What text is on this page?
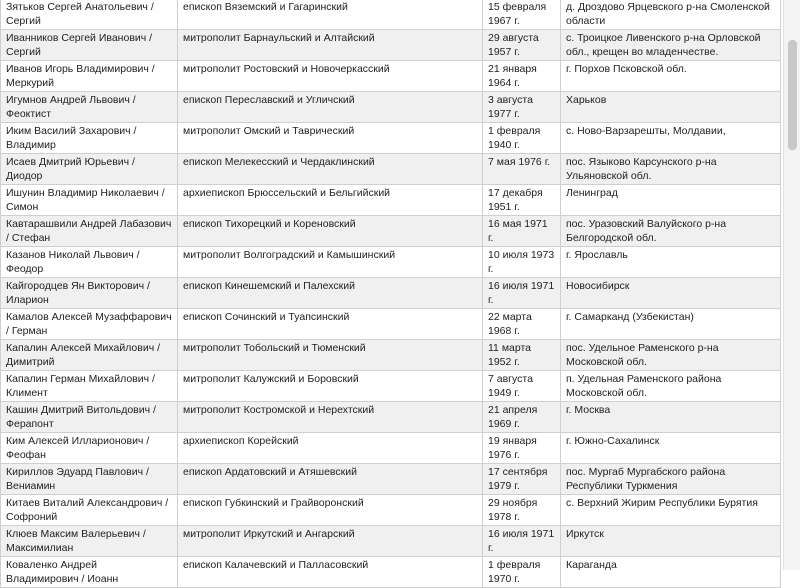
Зятьков Сергей Анатольевич / Сергий	епископ Вяземский и Гагаринский	15 февраля 1967 г.	д. Дроздово Ярцевского р-на Смоленской области
Иванников Сергей Иванович / Сергий	митрополит Барнаульский и Алтайский	29 августа 1957 г.	с. Троицкое Ливенского р-на Орловской обл., крещен во младенчестве.
Иванов Игорь Владимирович / Меркурий	митрополит Ростовский и Новочеркасский	21 января 1964 г.	г. Порхов Псковской обл.
Игумнов Андрей Львович / Феоктист	епископ Переславский и Угличский	3 августа 1977 г.	Харьков
Иким Василий Захарович / Владимир	митрополит Омский и Таврический	1 февраля 1940 г.	с. Ново-Варзарешты, Молдавии,
Исаев Дмитрий Юрьевич / Диодор	епископ Мелекесский и Чердаклинский	7 мая 1976 г.	пос. Языково Карсунского р-на Ульяновской обл.
Ишунин Владимир Николаевич / Симон	архиепископ Брюссельский и Бельгийский	17 декабря 1951 г.	Ленинград
Кавтарашвили Андрей Лабазович / Стефан	епископ Тихорецкий и Кореновский	16 мая 1971 г.	пос. Уразовский Валуйского р-на Белгородской обл.
Казанов Николай Львович / Феодор	митрополит Волгоградский и Камышинский	10 июля 1973 г.	г. Ярославль
Кайгородцев Ян Викторович / Иларион	епископ Кинешемский и Палехский	16 июля 1971 г.	Новосибирск
Камалов Алексей Музаффарович / Герман	епископ Сочинский и Туапсинский	22 марта 1968 г.	г. Самарканд (Узбекистан)
Капалин Алексей Михайлович / Димитрий	митрополит Тобольский и Тюменский	11 марта 1952 г.	пос. Удельное Раменского р-на Московской обл.
Капалин Герман Михайлович / Климент	митрополит Калужский и Боровский	7 августа 1949 г.	п. Удельная Раменского района Московской обл.
Кашин Дмитрий Витольдович / Ферапонт	митрополит Костромской и Нерехтский	21 апреля 1969 г.	г. Москва
Ким Алексей Илларионович / Феофан	архиепископ Корейский	19 января 1976 г.	г. Южно-Сахалинск
Кириллов Эдуард Павлович / Вениамин	епископ Ардатовский и Атяшевский	17 сентября 1979 г.	пос. Мургаб Мургабского района Республики Туркмения
Китаев Виталий Александрович / Софроний	епископ Губкинский и Грайворонский	29 ноября 1978 г.	с. Верхний Жирим Республики Бурятия
Клюев Максим Валерьевич / Максимилиан	митрополит Иркутский и Ангарский	16 июля 1971 г.	Иркутск
Коваленко Андрей Владимирович / Иоанн	епископ Калачевский и Палласовский	1 февраля 1970 г.	Караганда
